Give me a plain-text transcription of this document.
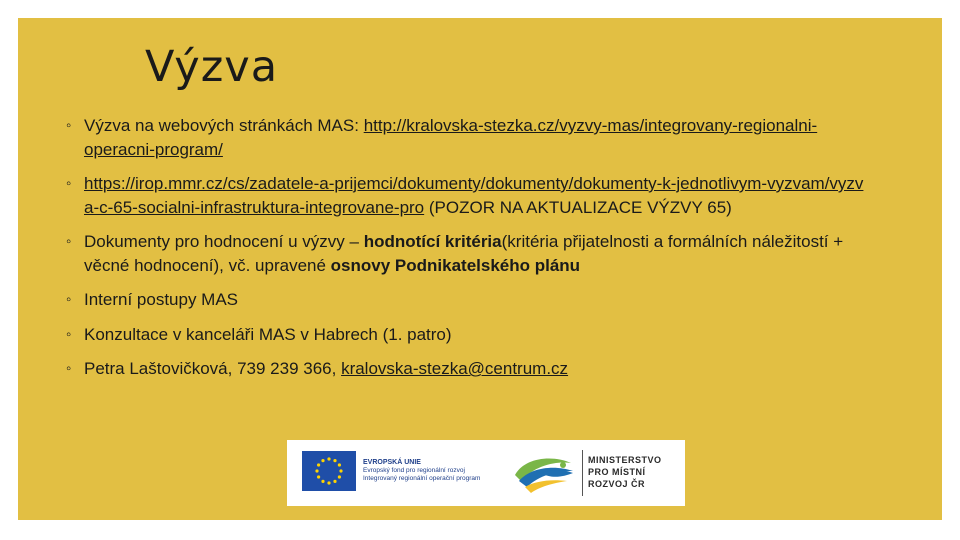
Výzva
◦ Výzva na webových stránkách MAS: http://kralovska-stezka.cz/vyzvy-mas/integrovany-regionalni-operacni-program/
◦ https://irop.mmr.cz/cs/zadatele-a-prijemci/dokumenty/dokumenty/dokumenty-k-jednotlivym-vyzvam/vyzva-c-65-socialni-infrastruktura-integrovane-pro (POZOR NA AKTUALIZACE VÝZVY 65)
◦ Dokumenty pro hodnocení u výzvy – hodnotící kritéria(kritéria přijatelnosti a formálních náležitostí + věcné hodnocení), vč. upravené osnovy Podnikatelského plánu
◦ Interní postupy MAS
◦ Konzultace v kanceláři MAS v Habrech (1. patro)
◦ Petra Laštovičková, 739 239 366, kralovska-stezka@centrum.cz
EVROPSKÁ UNIE
Evropský fond pro regionální rozvoj
Integrovaný regionální operační program
MINISTERSTVO
PRO MÍSTNÍ
ROZVOJ ČR
